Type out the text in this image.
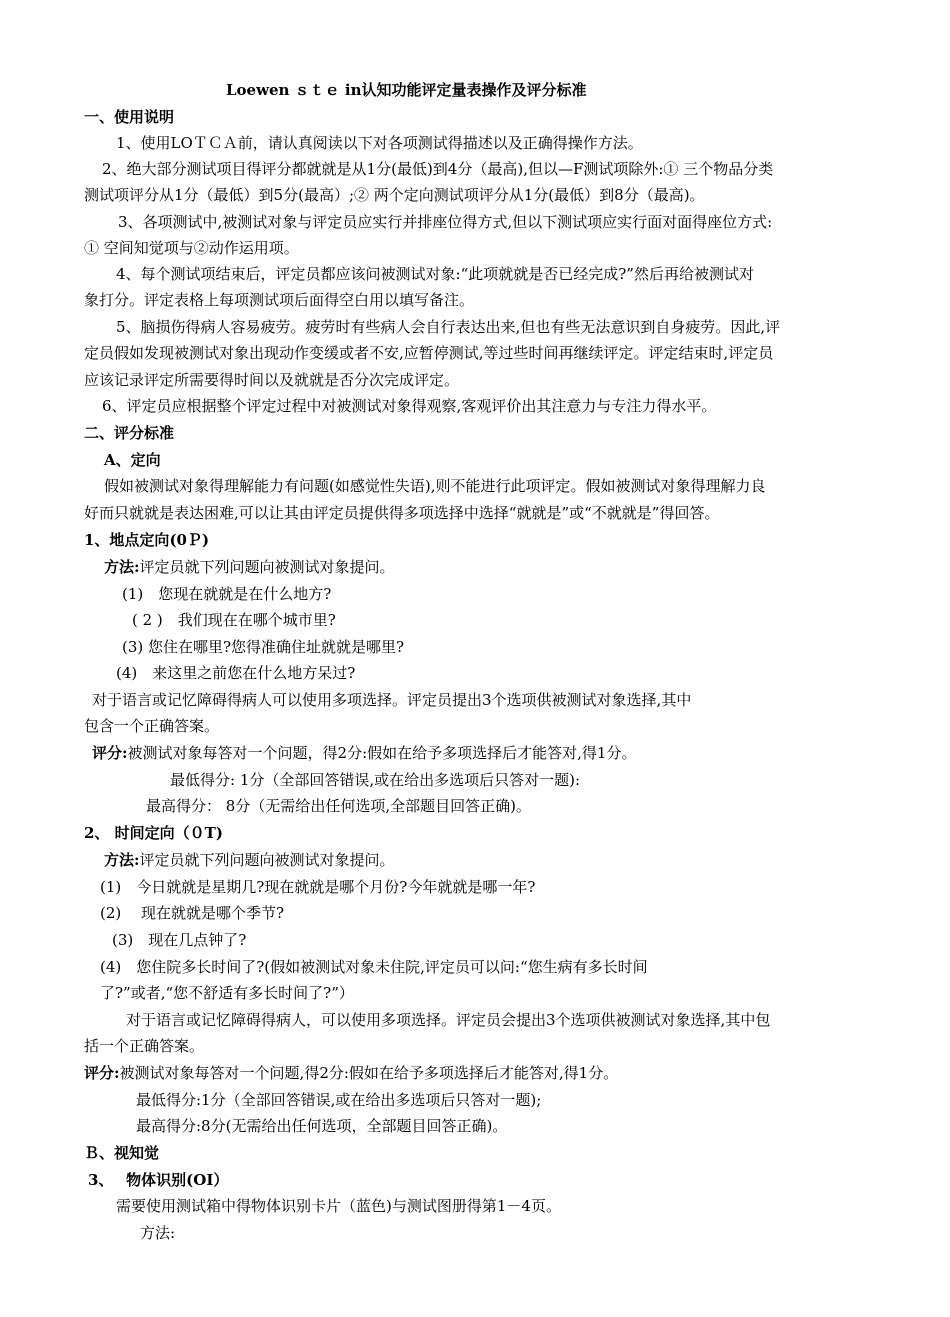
Loewen ｓｔｅ in认知功能评定量表操作及评分标准
一、使用说明
1、使用LOＴＣＡ前，请认真阅读以下对各项测试得描述以及正确得操作方法。
2、绝大部分测试项目得评分都就就是从1分(最低)到4分（最高),但以—F测试项除外:① 三个物品分类
测试项评分从1分（最低）到5分(最高）;② 两个定向测试项评分从1分(最低）到8分（最高)。
3、各项测试中,被测试对象与评定员应实行并排座位得方式,但以下测试项应实行面对面得座位方式:
① 空间知觉项与②动作运用项。
4、每个测试项结束后，评定员都应该问被测试对象:“此项就就是否已经完成?”然后再给被测试对
象打分。评定表格上每项测试项后面得空白用以填写备注。
5、脑损伤得病人容易疲劳。疲劳时有些病人会自行表达出来,但也有些无法意识到自身疲劳。因此,评
定员假如发现被测试对象出现动作变缓或者不安,应暂停测试,等过些时间再继续评定。评定结束时,评定员
应该记录评定所需要得时间以及就就是否分次完成评定。
6、评定员应根据整个评定过程中对被测试对象得观察,客观评价出其注意力与专注力得水平。
二、评分标准
A、定向
假如被测试对象得理解能力有问题(如感觉性失语),则不能进行此项评定。假如被测试对象得理解力良
好而只就就是表达困难,可以让其由评定员提供得多项选择中选择“就就是”或“不就就是”得回答。
1、地点定向(0Ｐ)
方法:评定员就下列问题向被测试对象提问。
(1)　您现在就就是在什么地方?
( 2 )　我们现在在哪个城市里?
(3) 您住在哪里?您得准确住址就就是哪里?
(4)　来这里之前您在什么地方呆过?
对于语言或记忆障碍得病人可以使用多项选择。评定员提出3个选项供被测试对象选择,其中
包含一个正确答案。
评分:被测试对象每答对一个问题，得2分:假如在给予多项选择后才能答对,得1分。
最低得分: 1分（全部回答错误,或在给出多选项后只答对一题):
最高得分： 8分（无需给出任何选项,全部题目回答正确)。
2、 时间定向（０T)
方法:评定员就下列问题向被测试对象提问。
(1)　今日就就是星期几?现在就就是哪个月份?今年就就是哪一年?
(2)　 现在就就是哪个季节?
(3)　现在几点钟了?
(4)　您住院多长时间了?(假如被测试对象未住院,评定员可以问:“您生病有多长时间
了?”或者,“您不舒适有多长时间了?”）
对于语言或记忆障碍得病人，可以使用多项选择。评定员会提出3个选项供被测试对象选择,其中包
括一个正确答案。
评分:被测试对象每答对一个问题,得2分:假如在给予多项选择后才能答对,得1分。
最低得分:1分（全部回答错误,或在给出多选项后只答对一题);
最高得分:8分(无需给出任何选项，全部题目回答正确)。
Ｂ、视知觉
3、　 物体识别(OI）
需要使用测试箱中得物体识别卡片（蓝色)与测试图册得第1－4页。
方法:
